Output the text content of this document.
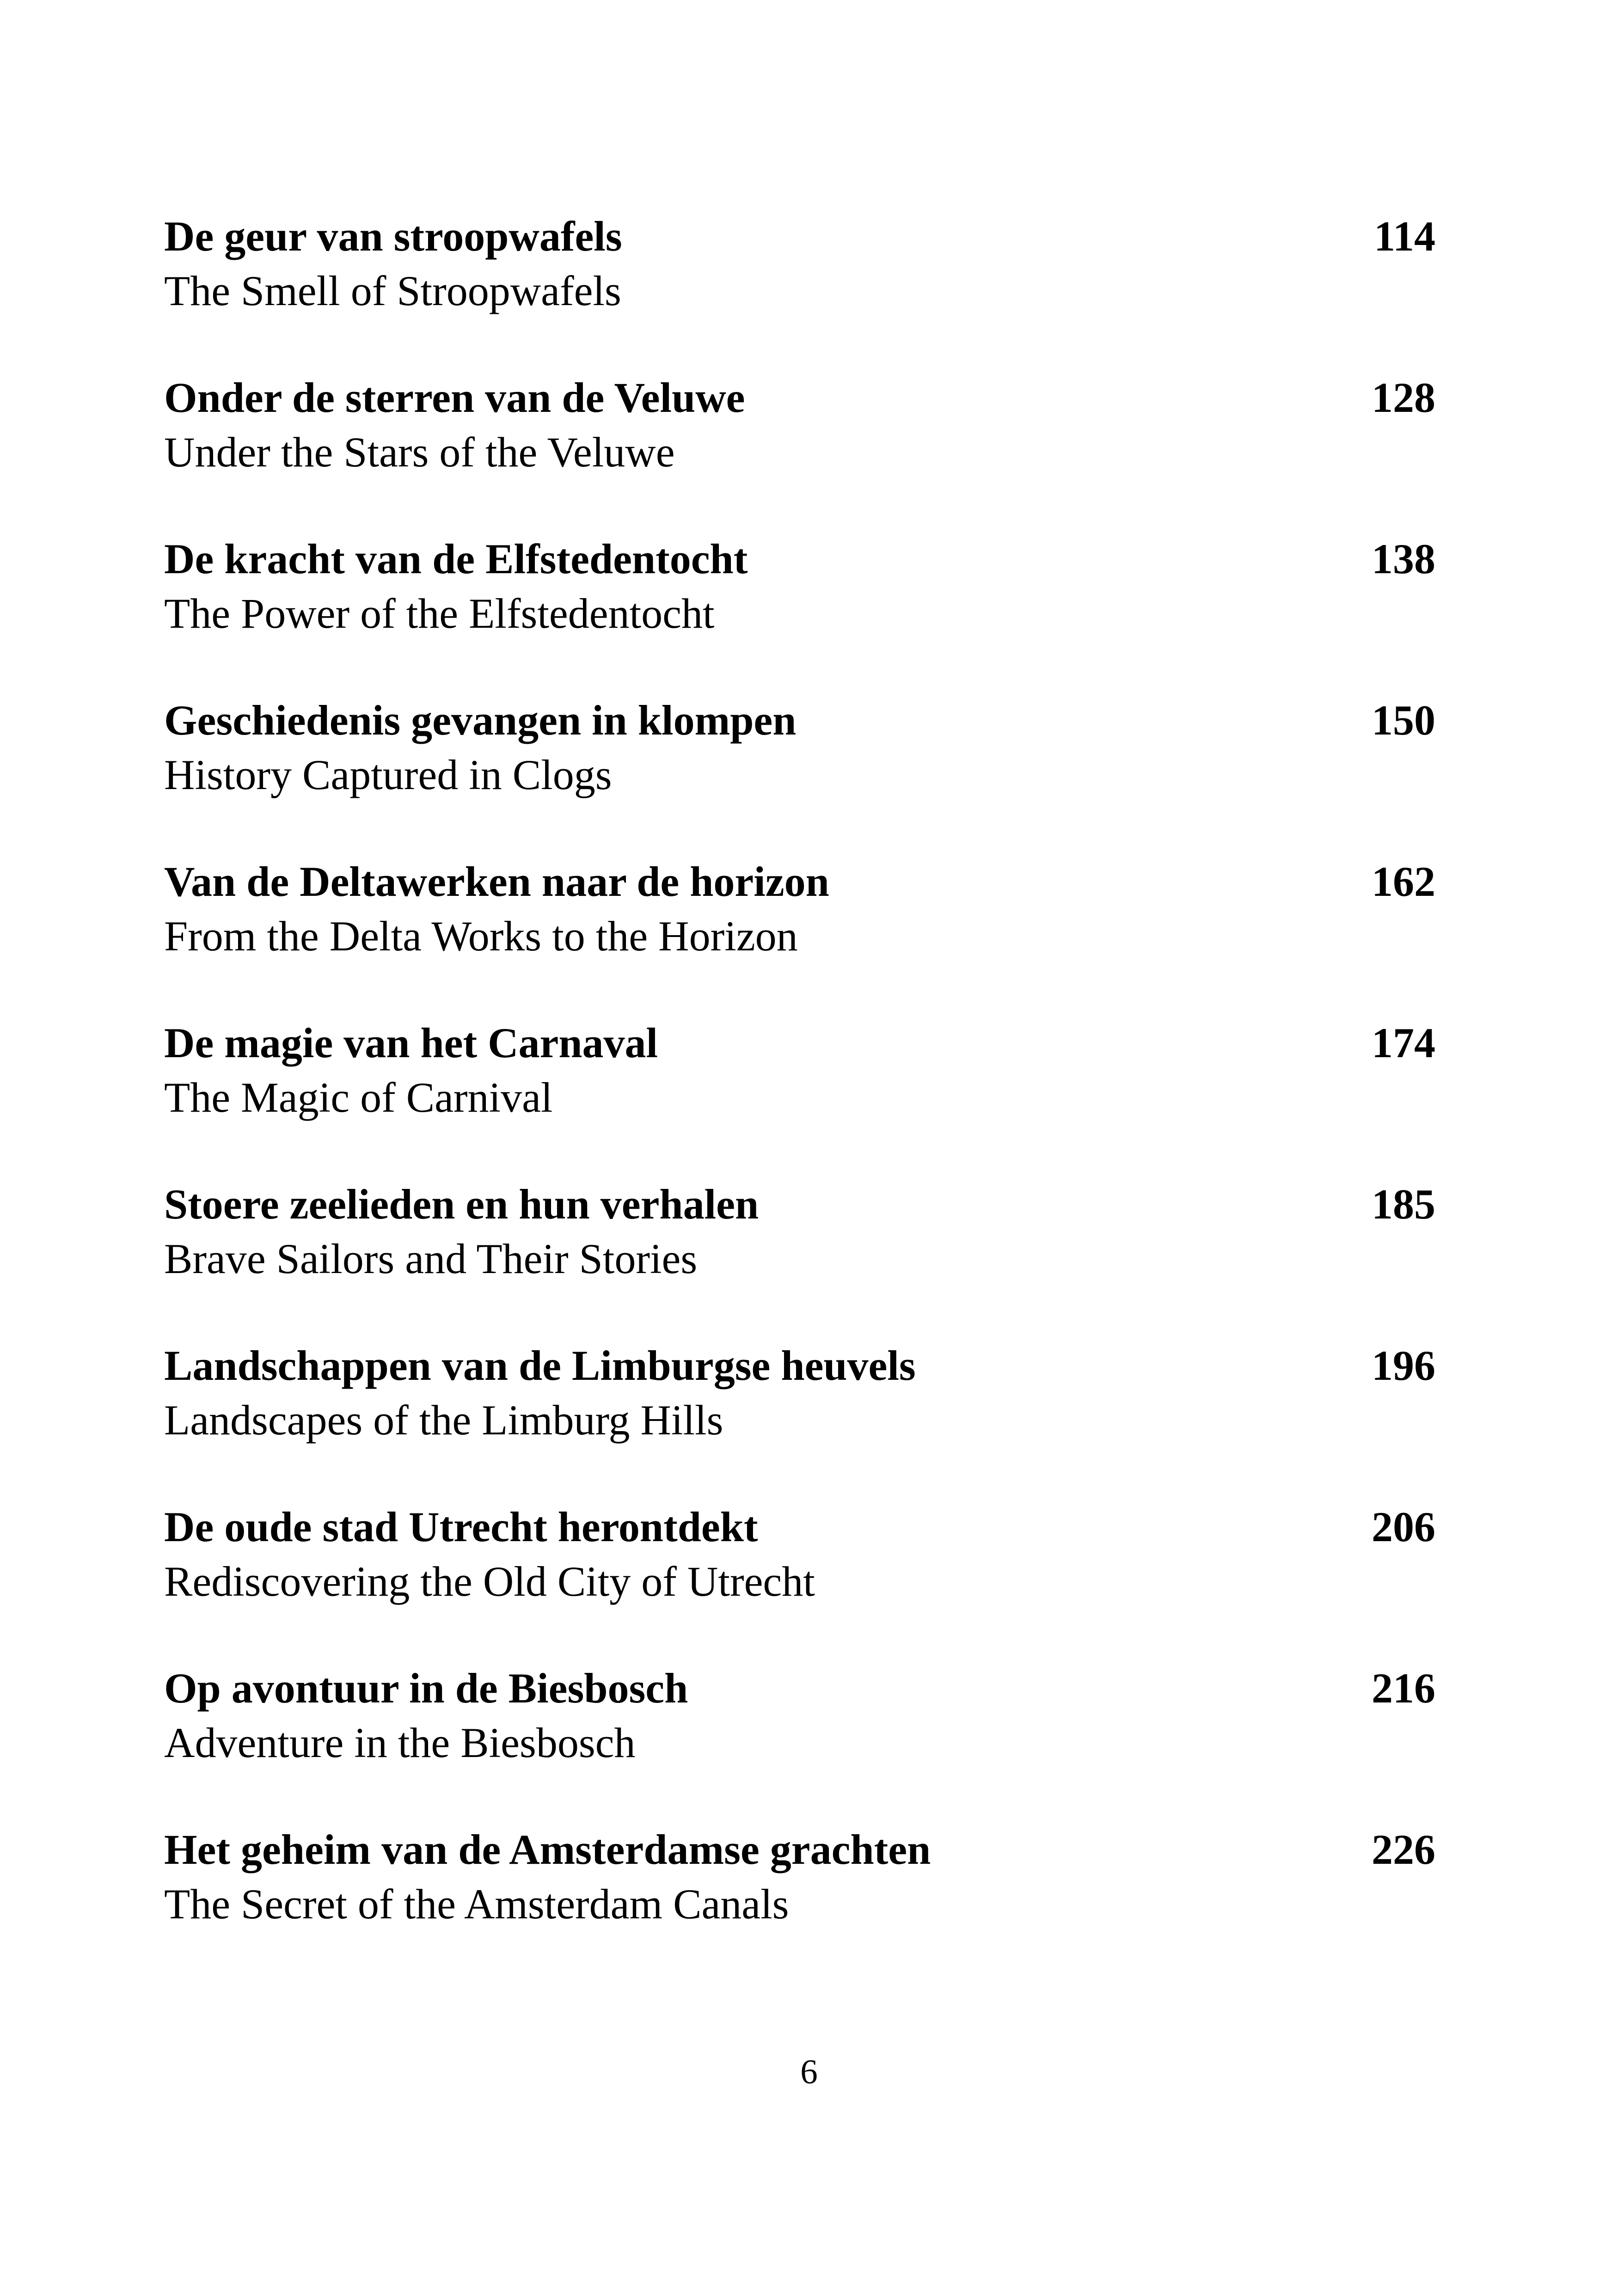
De geur van stroopwafels	114
The Smell of Stroopwafels
Onder de sterren van de Veluwe	128
Under the Stars of the Veluwe
De kracht van de Elfstedentocht	138
The Power of the Elfstedentocht
Geschiedenis gevangen in klompen	150
History Captured in Clogs
Van de Deltawerken naar de horizon	162
From the Delta Works to the Horizon
De magie van het Carnaval	174
The Magic of Carnival
Stoere zeelieden en hun verhalen	185
Brave Sailors and Their Stories
Landschappen van de Limburgse heuvels	196
Landscapes of the Limburg Hills
De oude stad Utrecht herontdekt	206
Rediscovering the Old City of Utrecht
Op avontuur in de Biesbosch	216
Adventure in the Biesbosch
Het geheim van de Amsterdamse grachten	226
The Secret of the Amsterdam Canals
6
